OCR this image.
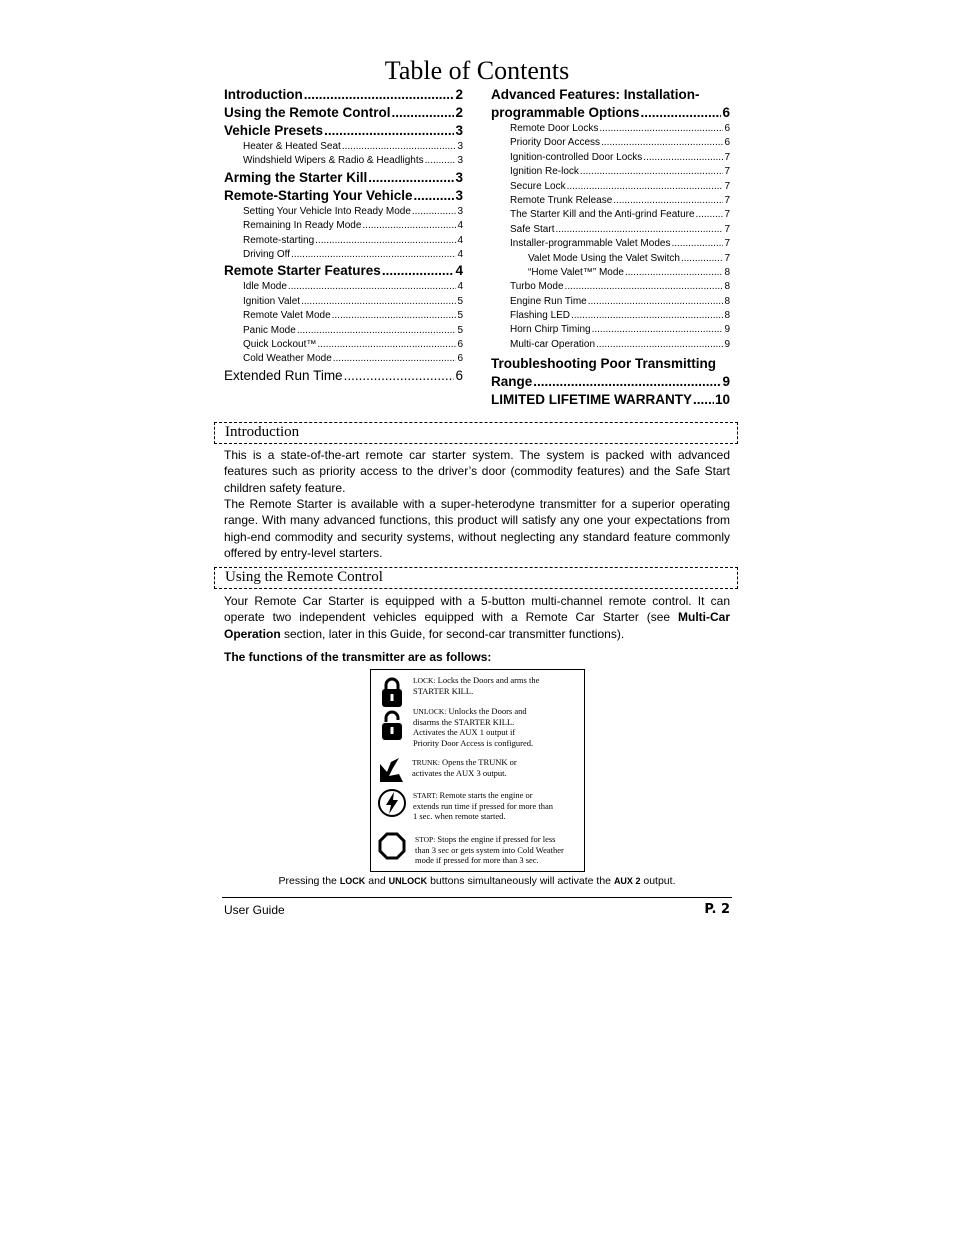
Table of Contents
Introduction .....	2
Using the Remote Control .....	2
Vehicle Presets .....	3
Heater & Heated Seat .....	3
Windshield Wipers & Radio & Headlights .....	3
Arming the Starter Kill .....	3
Remote-Starting Your Vehicle .....	3
Setting Your Vehicle Into Ready Mode .....	3
Remaining In Ready Mode .....	4
Remote-starting .....	4
Driving Off .....	4
Remote Starter Features .....	4
Idle Mode .....	4
Ignition Valet .....	5
Remote Valet Mode .....	5
Panic Mode .....	5
Quick Lockout™ .....	6
Cold Weather Mode .....	6
Extended Run Time .....	6
Advanced Features: Installation-
programmable Options .....	6
Remote Door Locks .....	6
Priority Door Access .....	6
Ignition-controlled Door Locks .....	7
Ignition Re-lock .....	7
Secure Lock .....	7
Remote Trunk Release .....	7
The Starter Kill and the Anti-grind Feature .....	7
Safe Start .....	7
Installer-programmable Valet Modes .....	7
Valet Mode Using the Valet Switch .....	7
“Home Valet™” Mode .....	8
Turbo Mode .....	8
Engine Run Time .....	8
Flashing LED .....	8
Horn Chirp Timing .....	9
Multi-car Operation .....	9
Troubleshooting Poor Transmitting
Range .....	9
LIMITED LIFETIME WARRANTY ..... 10
Introduction

This is a state-of-the-art remote car starter system. The system is packed with advanced features such as priority access to the driver’s door (commodity features) and the Safe Start children safety feature.

The Remote Starter is available with a super-heterodyne transmitter for a superior operating range. With many advanced functions, this product will satisfy any one your expectations from high-end commodity and security systems, without neglecting any standard feature commonly offered by entry-level starters.

Using the Remote Control

Your Remote Car Starter is equipped with a 5-button multi-channel remote control. It can operate two independent vehicles equipped with a Remote Car Starter (see Multi-Car Operation section, later in this Guide, for second-car transmitter functions).

The functions of the transmitter are as follows:
LOCK: Locks the Doors and arms the
STARTER KILL.
UNLOCK: Unlocks the Doors and
disarms the STARTER KILL.
Activates the AUX 1 output if
Priority Door Access is configured.
TRUNK: Opens the TRUNK or
activates the AUX 3 output.
START: Remote starts the engine or
extends run time if pressed for more than
1 sec. when remote started.
STOP: Stops the engine if pressed for less
than 3 sec or gets system into Cold Weather
mode if pressed for more than 3 sec.
Pressing the LOCK and UNLOCK buttons simultaneously will activate the AUX 2 output.
User Guide	P. 2
